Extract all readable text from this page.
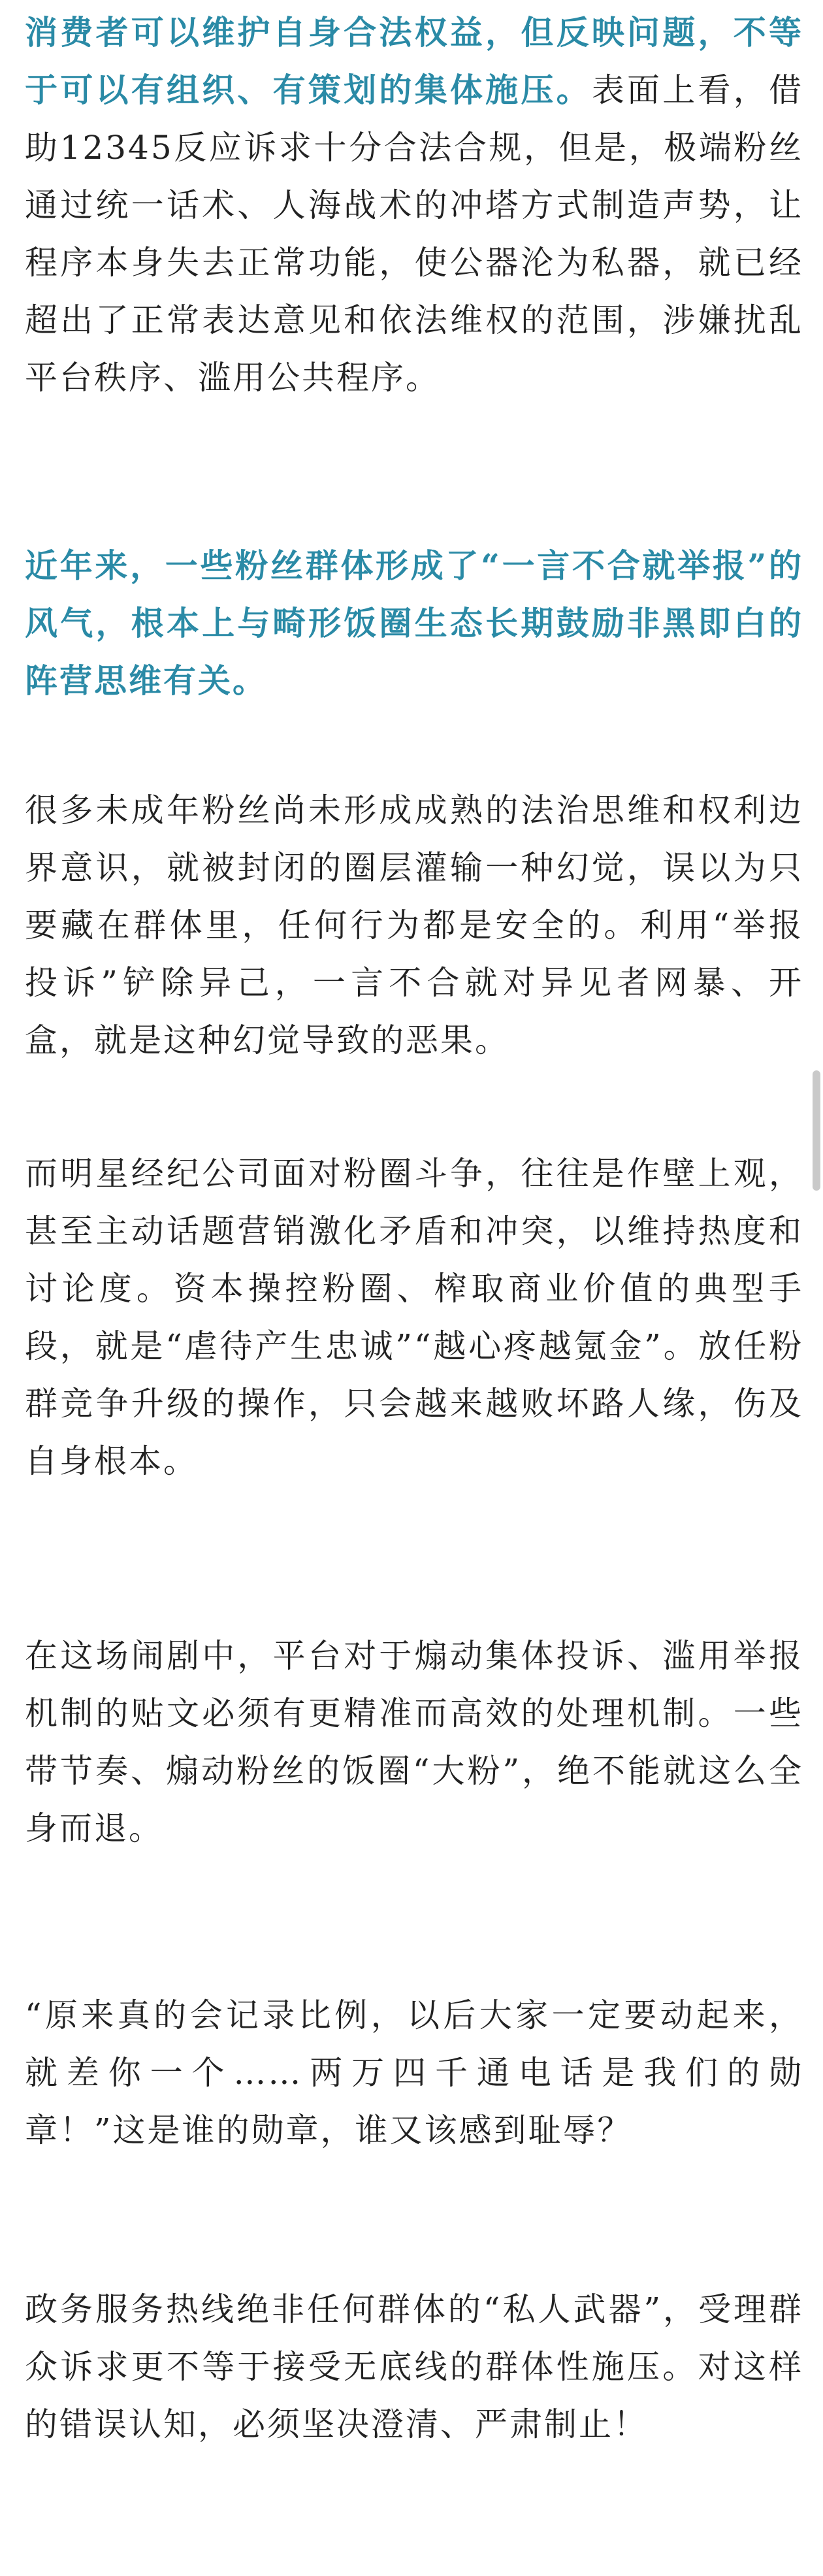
消费者可以维护自身合法权益，但反映问题，不等于可以有组织、有策划的集体施压。表面上看，借助12345反应诉求十分合法合规，但是，极端粉丝通过统一话术、人海战术的冲塔方式制造声势，让程序本身失去正常功能，使公器沦为私器，就已经超出了正常表达意见和依法维权的范围，涉嫌扰乱平台秩序、滥用公共程序。

近年来，一些粉丝群体形成了“一言不合就举报”的风气，根本上与畸形饭圈生态长期鼓励非黑即白的阵营思维有关。

很多未成年粉丝尚未形成成熟的法治思维和权利边界意识，就被封闭的圈层灌输一种幻觉，误以为只要藏在群体里，任何行为都是安全的。利用“举报投诉”铲除异己，一言不合就对异见者网暴、开盒，就是这种幻觉导致的恶果。

而明星经纪公司面对粉圈斗争，往往是作壁上观，甚至主动话题营销激化矛盾和冲突，以维持热度和讨论度。资本操控粉圈、榨取商业价值的典型手段，就是“虐待产生忠诚”“越心疼越氪金”。放任粉群竞争升级的操作，只会越来越败坏路人缘，伤及自身根本。

在这场闹剧中，平台对于煽动集体投诉、滥用举报机制的贴文必须有更精准而高效的处理机制。一些带节奏、煽动粉丝的饭圈“大粉”，绝不能就这么全身而退。

“原来真的会记录比例，以后大家一定要动起来，就差你一个……两万四千通电话是我们的勋章！”这是谁的勋章，谁又该感到耻辱？

政务服务热线绝非任何群体的“私人武器”，受理群众诉求更不等于接受无底线的群体性施压。对这样的错误认知，必须坚决澄清、严肃制止！
